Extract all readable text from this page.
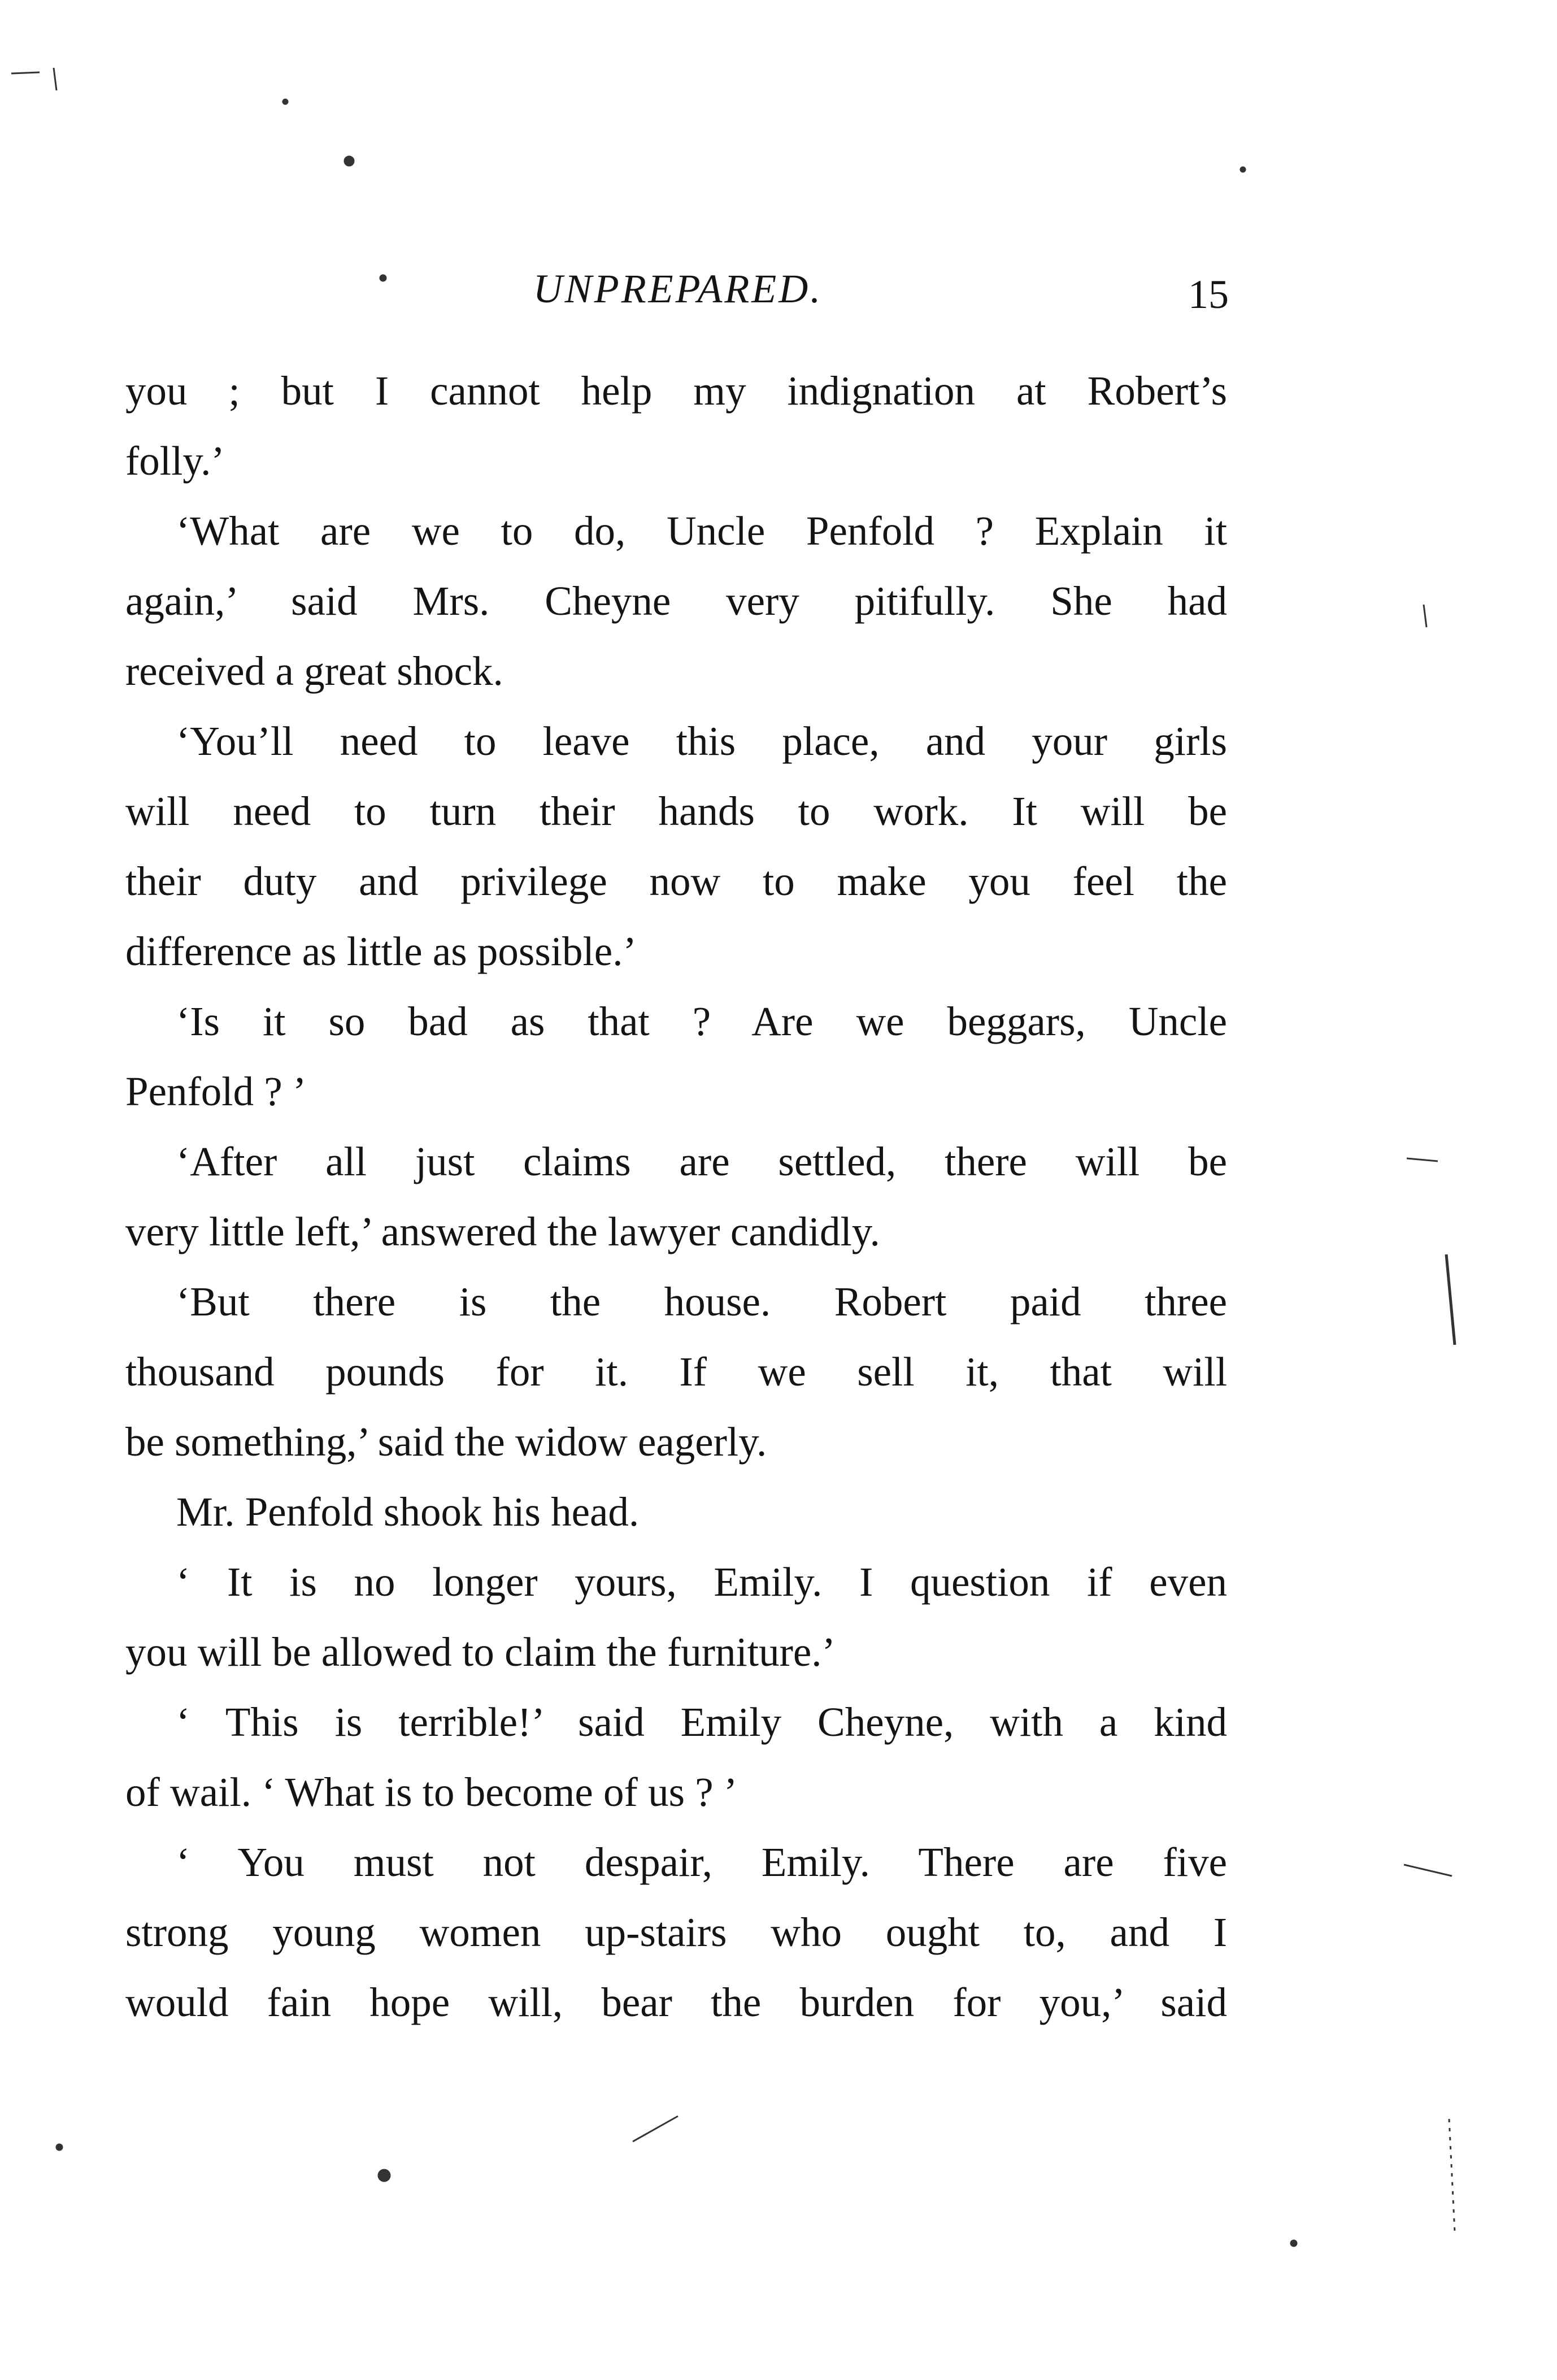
UNPREPARED.	15
you ; but I cannot help my indignation at Robert’s
folly.’
‘What are we to do, Uncle Penfold ? Explain it
again,’ said Mrs. Cheyne very pitifully. She had
received a great shock.
‘You’ll need to leave this place, and your girls
will need to turn their hands to work. It will be
their duty and privilege now to make you feel the
difference as little as possible.’
‘Is it so bad as that ? Are we beggars, Uncle
Penfold ? ’
‘After all just claims are settled, there will be
very little left,’ answered the lawyer candidly.
‘But there is the house. Robert paid three
thousand pounds for it. If we sell it, that will
be something,’ said the widow eagerly.
Mr. Penfold shook his head.
‘ It is no longer yours, Emily. I question if even
you will be allowed to claim the furniture.’
‘ This is terrible!’ said Emily Cheyne, with a kind
of wail. ‘ What is to become of us ? ’
‘ You must not despair, Emily. There are five
strong young women up-stairs who ought to, and I
would fain hope will, bear the burden for you,’ said
